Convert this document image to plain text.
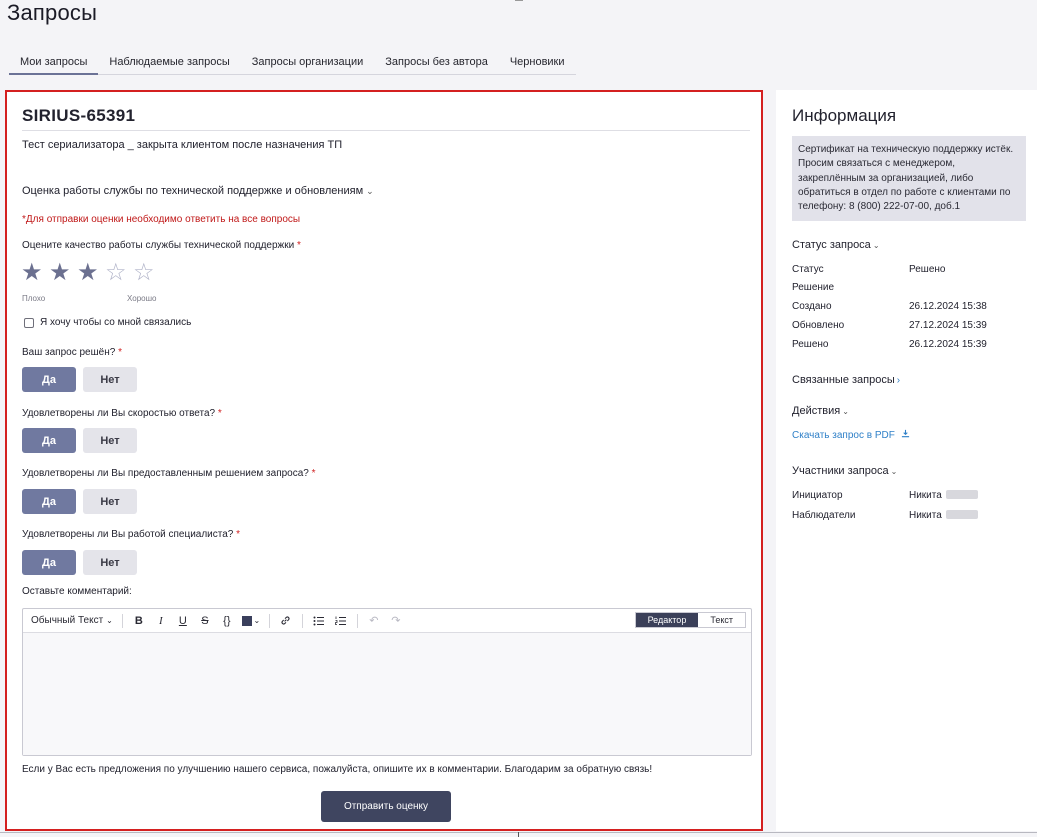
Запросы
Мои запросы	Наблюдаемые запросы	Запросы организации	Запросы без автора	Черновики
SIRIUS-65391
Тест сериализатора _ закрыта клиентом после назначения ТП
Оценка работы службы по технической поддержке и обновлениям ⌄
*Для отправки оценки необходимо ответить на все вопросы
Оцените качество работы службы технической поддержки *
★ ★ ★ ☆ ☆
Плохо	Хорошо
Я хочу чтобы со мной связались
Ваш запрос решён? *
Да	Нет
Удовлетворены ли Вы скоростью ответа? *
Да	Нет
Удовлетворены ли Вы предоставленным решением запроса? *
Да	Нет
Удовлетворены ли Вы работой специалиста? *
Да	Нет
Оставьте комментарий:
Обычный Текст ⌄	B	I	U	S	{}	⌄	↶	↷	Редактор	Текст
Если у Вас есть предложения по улучшению нашего сервиса, пожалуйста, опишите их в комментарии. Благодарим за обратную связь!
Отправить оценку
Информация
Сертификат на техническую поддержку истёк. Просим связаться с менеджером, закреплённым за организацией, либо обратиться в отдел по работе с клиентами по телефону: 8 (800) 222-07-00, доб.1
Статус запроса ⌄
Статус	Решено
Решение
Создано	26.12.2024 15:38
Обновлено	27.12.2024 15:39
Решено	26.12.2024 15:39
Связанные запросы ›
Действия ⌄
Скачать запрос в PDF
Участники запроса ⌄
Инициатор	Никита
Наблюдатели	Никита
